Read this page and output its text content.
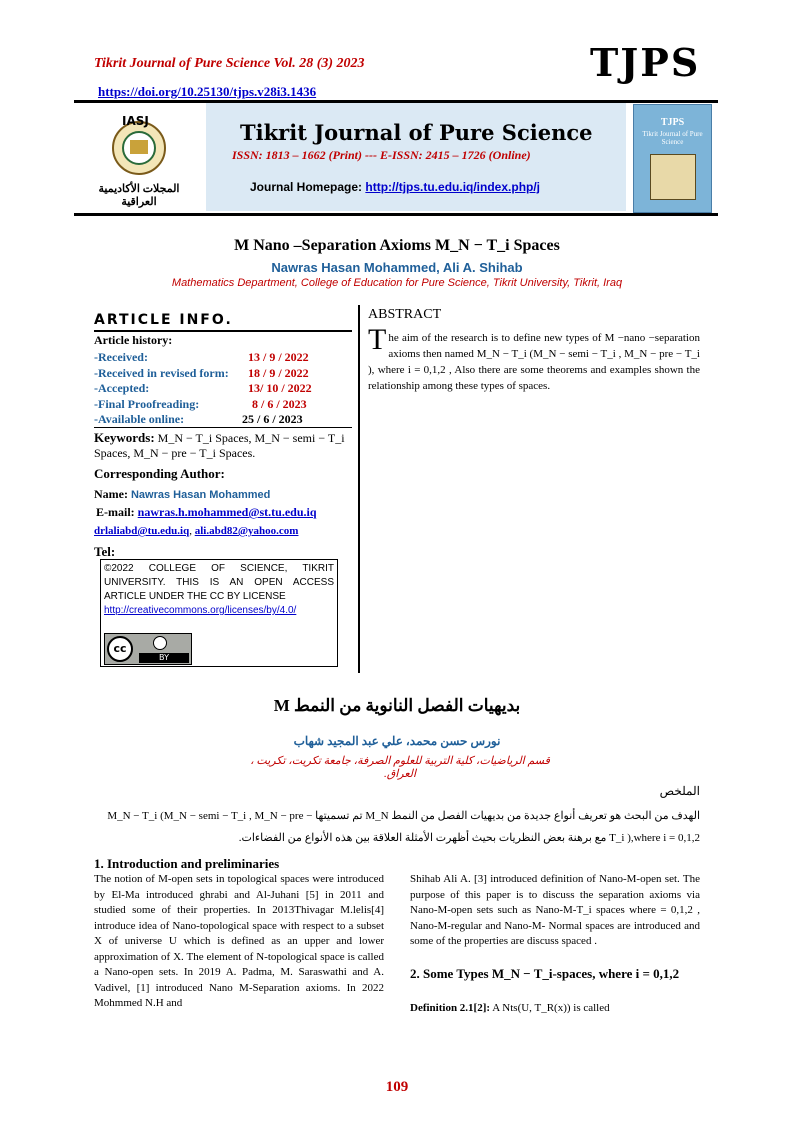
Tikrit Journal of Pure Science Vol. 28 (3) 2023	TJPS
https://doi.org/10.25130/tjps.v28i3.1436
IASJ
المجلات الأكاديمية العراقية
Tikrit Journal of Pure Science
ISSN: 1813 – 1662 (Print) --- E-ISSN: 2415 – 1726 (Online)
Journal Homepage: http://tjps.tu.edu.iq/index.php/j
TJPS
Tikrit Journal of Pure Science
M Nano –Separation Axioms M_N − T_i Spaces
Nawras Hasan Mohammed, Ali A. Shihab
Mathematics Department, College of Education for Pure Science, Tikrit University, Tikrit, Iraq
ARTICLE INFO.
Article history:
-Received:	13 / 9 / 2022
-Received in revised form: 18 / 9 / 2022
-Accepted:	13/ 10 / 2022
-Final Proofreading:	8 / 6 / 2023
-Available online:	25 / 6 / 2023
Keywords: M_N − T_i Spaces, M_N − semi − T_i Spaces, M_N − pre − T_i Spaces.
Corresponding Author:
Name: Nawras Hasan Mohammed
E-mail: nawras.h.mohammed@st.tu.edu.iq
drlaliabd@tu.edu.iq, ali.abd82@yahoo.com
Tel:
©2022 COLLEGE OF SCIENCE, TIKRIT UNIVERSITY. THIS IS AN OPEN ACCESS ARTICLE UNDER THE CC BY LICENSE
http://creativecommons.org/licenses/by/4.0/
cc
BY
ABSTRACT
The aim of the research is to define new types of M −nano −separation axioms then named M_N − T_i (M_N − semi − T_i , M_N − pre − T_i ), where i = 0,1,2 , Also there are some theorems and examples shown the relationship among these types of spaces.
بديهيات الفصل النانوية من النمط M
نورس حسن محمد، علي عبد المجيد شهاب
قسم الرياضيات، كلية التربية للعلوم الصرفة، جامعة تكريت، تكريت ، العراق.
الملخص
الهدف من البحث هو تعريف أنواع جديدة من بديهيات الفصل من النمط M_N تم تسميتها M_N − T_i (M_N − semi − T_i , M_N − pre − T_i ),where i = 0,1,2 مع برهنة بعض النظريات بحيث أظهرت الأمثلة العلاقة بين هذه الأنواع من الفضاءات.
1. Introduction and preliminaries
The notion of M-open sets in topological spaces were introduced by El-Ma introduced ghrabi and Al-Juhani [5] in 2011 and studied some of their properties. In 2013Thivagar M.lelis[4] introduce idea of Nano-topological space with respect to a subset X of universe U which is defined as an upper and lower approximation of X. The element of N-topological space is called a Nano-open sets. In 2019 A. Padma, M. Saraswathi and A. Vadivel, [1] introduced Nano M-Separation axioms. In 2022 Mohmmed N.H and
Shihab Ali A. [3] introduced definition of Nano-M-open set. The purpose of this paper is to discuss the separation axioms via Nano-M-open sets such as Nano-M-T_i spaces where = 0,1,2 , Nano-M-regular and Nano-M- Normal spaces are introduced and some of the properties are discuss spaced .
2. Some Types M_N − T_i-spaces, where i = 0,1,2
Definition 2.1[2]: A Nts(U, T_R(x)) is called
109
